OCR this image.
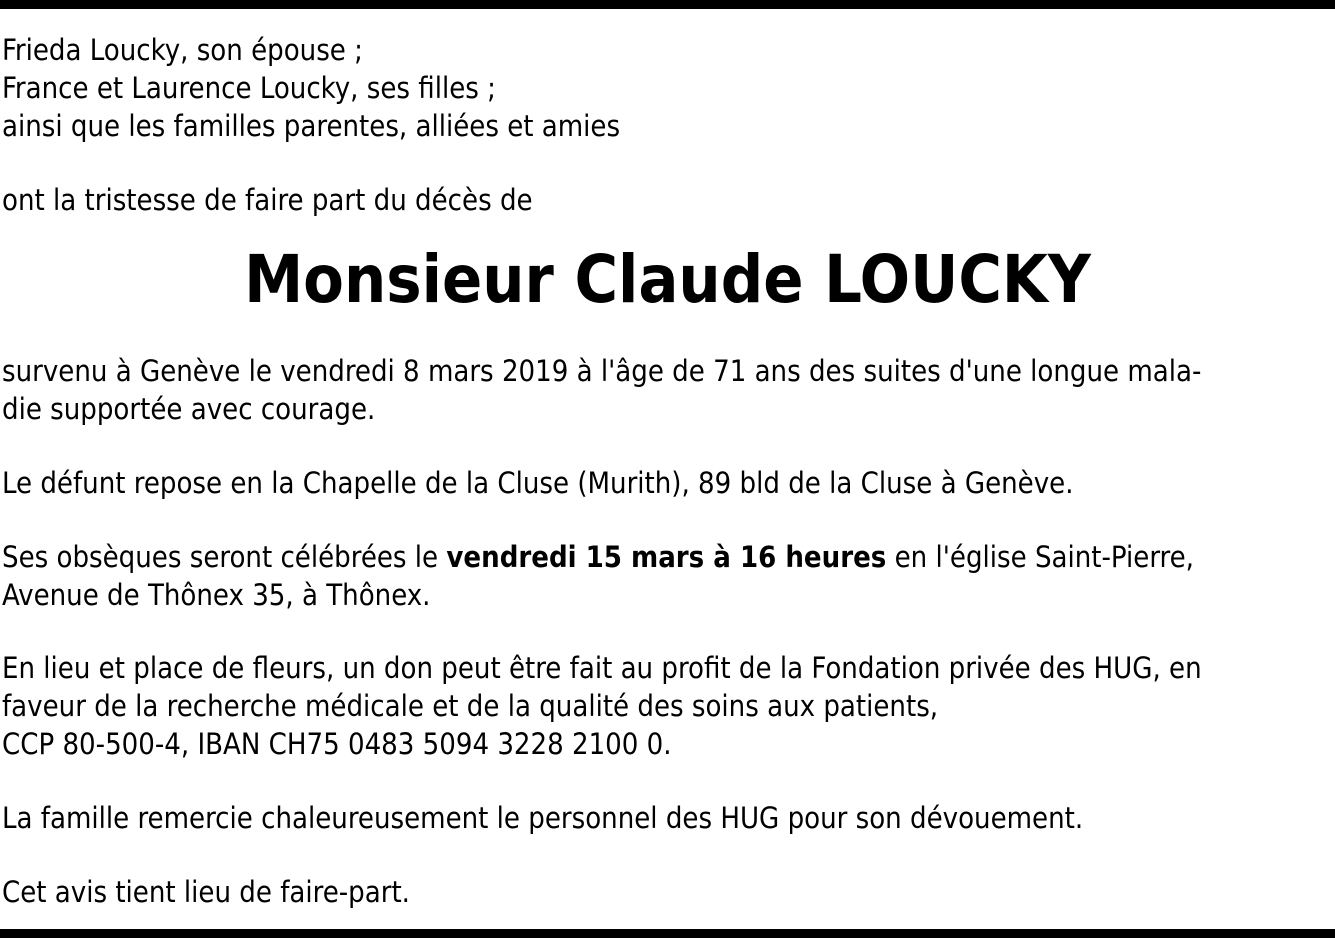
Frieda Loucky, son épouse ;
France et Laurence Loucky, ses filles ;
ainsi que les familles parentes, alliées et amies
ont la tristesse de faire part du décès de
Monsieur Claude LOUCKY
survenu à Genève le vendredi 8 mars 2019 à l'âge de 71 ans des suites d'une longue mala-
die supportée avec courage.
Le défunt repose en la Chapelle de la Cluse (Murith), 89 bld de la Cluse à Genève.
Ses obsèques seront célébrées le vendredi 15 mars à 16 heures en l'église Saint-Pierre,
Avenue de Thônex 35, à Thônex.
En lieu et place de fleurs, un don peut être fait au profit de la Fondation privée des HUG, en
faveur de la recherche médicale et de la qualité des soins aux patients,
CCP 80-500-4, IBAN CH75 0483 5094 3228 2100 0.
La famille remercie chaleureusement le personnel des HUG pour son dévouement.
Cet avis tient lieu de faire-part.
